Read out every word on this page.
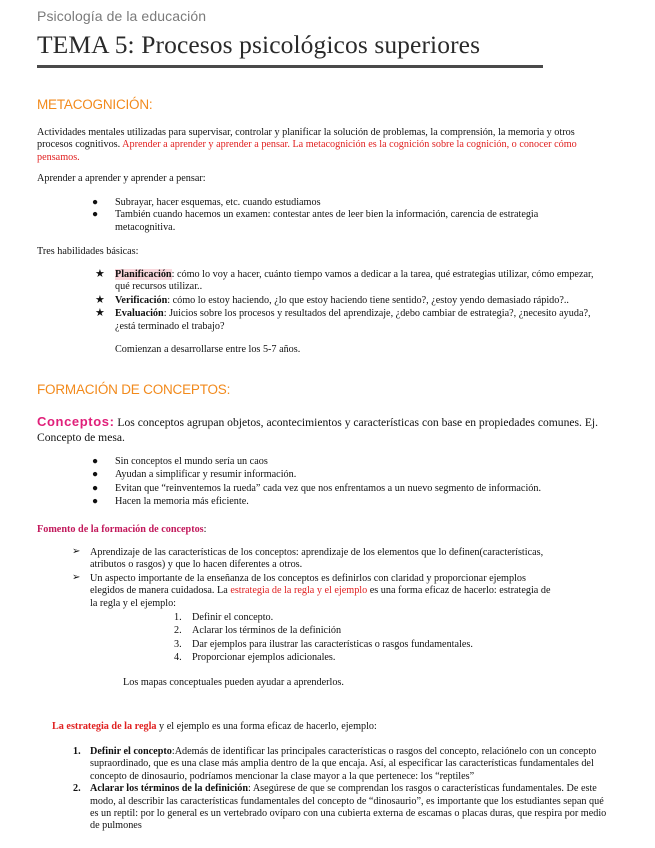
Psicología de la educación
TEMA 5: Procesos psicológicos superiores
METACOGNICIÓN:
Actividades mentales utilizadas para supervisar, controlar y planificar la solución de problemas, la comprensión, la memoria y otros
procesos cognitivos. Aprender a aprender y aprender a pensar. La metacognición es la cognición sobre la cognición, o conocer cómo
pensamos.
Aprender a aprender y aprender a pensar:
● Subrayar, hacer esquemas, etc. cuando estudiamos
● También cuando hacemos un examen: contestar antes de leer bien la información, carencia de estrategia
metacognitiva.
Tres habilidades básicas:
★ Planificación: cómo lo voy a hacer, cuánto tiempo vamos a dedicar a la tarea, qué estrategias utilizar, cómo empezar,
qué recursos utilizar..
★ Verificación: cómo lo estoy haciendo, ¿lo que estoy haciendo tiene sentido?, ¿estoy yendo demasiado rápido?..
★ Evaluación: Juicios sobre los procesos y resultados del aprendizaje, ¿debo cambiar de estrategia?, ¿necesito ayuda?,
¿está terminado el trabajo?
Comienzan a desarrollarse entre los 5-7 años.
FORMACIÓN DE CONCEPTOS:
Conceptos: Los conceptos agrupan objetos, acontecimientos y características con base en propiedades comunes. Ej.
Concepto de mesa.
● Sin conceptos el mundo sería un caos
● Ayudan a simplificar y resumir información.
● Evitan que “reinventemos la rueda” cada vez que nos enfrentamos a un nuevo segmento de información.
● Hacen la memoria más eficiente.
Fomento de la formación de conceptos:
➢ Aprendizaje de las características de los conceptos: aprendizaje de los elementos que lo definen(características,
atributos o rasgos) y que lo hacen diferentes a otros.
➢ Un aspecto importante de la enseñanza de los conceptos es definirlos con claridad y proporcionar ejemplos
elegidos de manera cuidadosa. La estrategia de la regla y el ejemplo es una forma eficaz de hacerlo: estrategia de
la regla y el ejemplo:
1. Definir el concepto.
2. Aclarar los términos de la definición
3. Dar ejemplos para ilustrar las características o rasgos fundamentales.
4. Proporcionar ejemplos adicionales.
Los mapas conceptuales pueden ayudar a aprenderlos.
La estrategia de la regla y el ejemplo es una forma eficaz de hacerlo, ejemplo:
1. Definir el concepto:Además de identificar las principales características o rasgos del concepto, relaciónelo con un concepto
supraordinado, que es una clase más amplia dentro de la que encaja. Así, al especificar las características fundamentales del
concepto de dinosaurio, podríamos mencionar la clase mayor a la que pertenece: los “reptiles”
2. Aclarar los términos de la definición: Asegúrese de que se comprendan los rasgos o características fundamentales. De este
modo, al describir las características fundamentales del concepto de “dinosaurio”, es importante que los estudiantes sepan qué
es un reptil: por lo general es un vertebrado ovíparo con una cubierta externa de escamas o placas duras, que respira por medio
de pulmones
